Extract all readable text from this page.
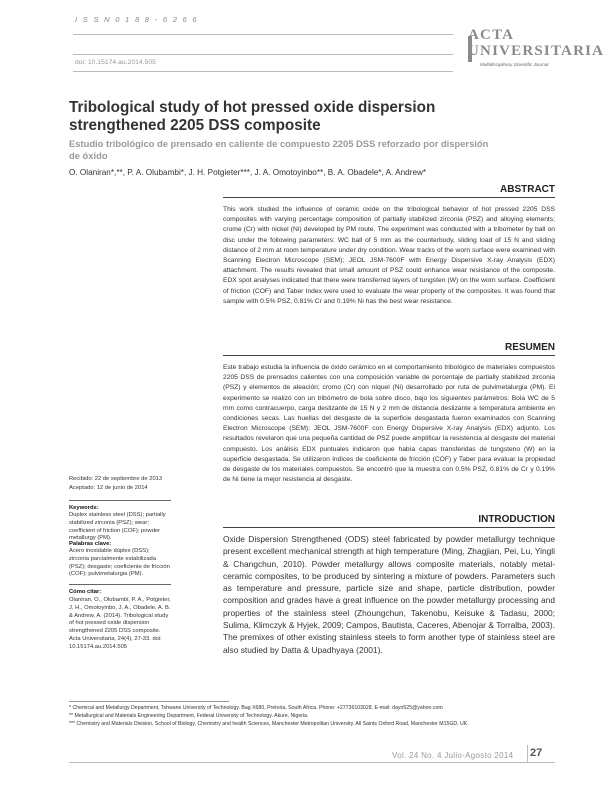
I S S N 0 1 8 8 - 6 2 6 6
doi: 10.15174.au.2014.505
ACTA
UNIVERSITARIA
Multidisciplinary Scientific Journal
Tribological study of hot pressed oxide dispersion strengthened 2205 DSS composite
Estudio tribológico de prensado en caliente de compuesto 2205 DSS reforzado por dispersión de óxido
O. Olaniran*,**, P. A. Olubambi*, J. H. Potgieter***, J. A. Omotoyinbo**, B. A. Obadele*, A. Andrew*
ABSTRACT
This work studied the influence of ceramic oxide on the tribological behavior of hot pressed 2205 DSS composites with varying percentage composition of partially stabilized zirconia (PSZ) and alloying elements; crome (Cr) with nickel (Ni) developed by PM route. The experiment was conducted with a tribometer by ball on disc under the following parameters: WC ball of 5 mm as the counterbody, sliding load of 15 N and sliding distance of 2 mm at room temperature under dry condition. Wear tracks of the worn surface were examined with Scanning Electron Microscope (SEM); JEOL JSM-7600F with Energy Dispersive X-ray Analysis (EDX) attachment. The results revealed that small amount of PSZ could enhance wear resistance of the composite. EDX spot analyses indicated that there were transferred layers of tungsten (W) on the worn surface. Coefficient of friction (COF) and Taber Index were used to evaluate the wear property of the composites. It was found that sample with 0.5% PSZ, 0.81% Cr and 0.19% Ni has the best wear resistance.
RESUMEN
Este trabajo estudia la influencia de óxido cerámico en el comportamiento tribológico de materiales compuestos 2205 DSS de prensados calientes con una composición variable de porcentaje de partially stabilized zirconia (PSZ) y elementos de aleación; cromo (Cr) con níquel (Ni) desarrollado por ruta de pulvimetalurgia (PM). El experimento se realizó con un tribómetro de bola sobre disco, bajo los siguientes parámetros: Bola WC de 5 mm como contracuerpo, carga deslizante de 15 N y 2 mm de distancia deslizante a temperatura ambiente en condiciones secas. Las huellas del desgaste de la superficie desgastada fueron examinados con Scanning Electron Microscope (SEM); JEOL JSM-7600F con Energy Dispersive X-ray Analysis (EDX) adjunto. Los resultados revelaron que una pequeña cantidad de PSZ puede amplificar la resistencia al desgaste del material compuesto. Los análisis EDX puntuales indicaron que había capas transferidas de tungsteno (W) en la superficie desgastada. Se utilizaron índices de coeficiente de fricción (COF) y Taber para evaluar la propiedad de desgaste de los materiales compuestos. Se encontró que la muestra con 0.5% PSZ, 0.81% de Cr y 0.19% de Ni tiene la mejor resistencia al desgaste.
Recibido: 22 de septiembre de 2013
Aceptado: 12 de junio de 2014
Keywords:
Duplex stainless steel (DSS); partially stabilized zirconia (PSZ); wear; coefficient of friction (COF); powder metallurgy (PM).
Palabras clave:
Acero inoxidable dúplex (DSS); zirconia parcialmente estabilizada (PSZ); desgaste; coeficiente de fricción (COF); pulvimetalurgia (PM).
Cómo citar:
Olaniran, O., Olubambi, P. A., Potgieter, J. H., Omotoyinbo, J. A., Obadele, A. B. & Andrew, A. (2014). Tribological study of hot pressed oxide dispersion strengthened 2205 DSS composite. Acta Universitaria, 24(4), 27-33. doi: 10.15174.au.2014.505
INTRODUCTION
Oxide Dispersion Strengthened (ODS) steel fabricated by powder metallurgy technique present excellent mechanical strength at high temperature (Ming, Zhagjian, Pei, Lu, Yingli & Changchun, 2010). Powder metallurgy allows composite materials, notably metal-ceramic composites, to be produced by sintering a mixture of powders. Parameters such as temperature and pressure, particle size and shape, particle distribution, powder composition and grades have a great influence on the powder metallurgy processing and properties of the stainless steel (Zhoungchun, Takenobu, Keisuke & Tadasu, 2000; Sulima, Klimczyk & Hyjek, 2009; Campos, Bautista, Caceres, Abenojar & Torralba, 2003). The premixes of other existing stainless steels to form another type of stainless steel are also studied by Datta & Upadhyaya (2001).
* Chemical and Metallurgy Department, Tshwane University of Technology. Bag X680, Pretoria, South Africa. Phone: +27736103028. E-mail: dayo525@yahoo.com
** Metallurgical and Materials Engineering Department, Federal University of Technology. Akure, Nigeria.
*** Chemistry and Materials Division, School of Biology, Chemistry and health Sciences, Manchester Metropolitan University. All Saints Oxford Road, Manchester M15GD, UK.
Vol. 24 No. 4 Julio-Agosto 2014 27
